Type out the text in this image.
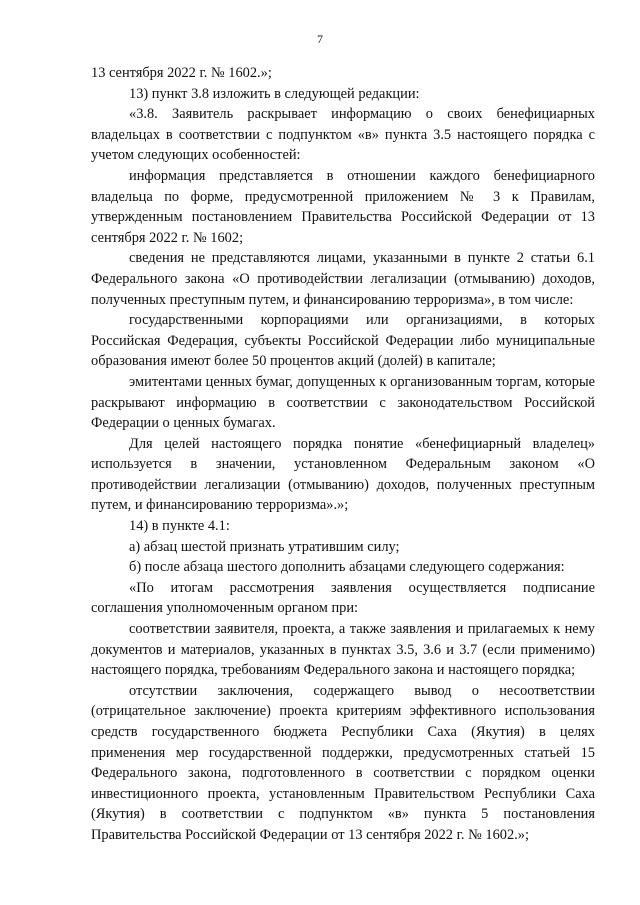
7

13 сентября 2022 г. № 1602.»;

13) пункт 3.8 изложить в следующей редакции:

«3.8. Заявитель раскрывает информацию о своих бенефициарных владельцах в соответствии с подпунктом «в» пункта 3.5 настоящего порядка с учетом следующих особенностей:

информация представляется в отношении каждого бенефициарного владельца по форме, предусмотренной приложением № 3 к Правилам, утвержденным постановлением Правительства Российской Федерации от 13 сентября 2022 г. № 1602;

сведения не представляются лицами, указанными в пункте 2 статьи 6.1 Федерального закона «О противодействии легализации (отмыванию) доходов, полученных преступным путем, и финансированию терроризма», в том числе:

государственными корпорациями или организациями, в которых Российская Федерация, субъекты Российской Федерации либо муниципальные образования имеют более 50 процентов акций (долей) в капитале;

эмитентами ценных бумаг, допущенных к организованным торгам, которые раскрывают информацию в соответствии с законодательством Российской Федерации о ценных бумагах.

Для целей настоящего порядка понятие «бенефициарный владелец» используется в значении, установленном Федеральным законом «О противодействии легализации (отмыванию) доходов, полученных преступным путем, и финансированию терроризма».»;

14) в пункте 4.1:

а) абзац шестой признать утратившим силу;

б) после абзаца шестого дополнить абзацами следующего содержания:

«По итогам рассмотрения заявления осуществляется подписание соглашения уполномоченным органом при:

соответствии заявителя, проекта, а также заявления и прилагаемых к нему документов и материалов, указанных в пунктах 3.5, 3.6 и 3.7 (если применимо) настоящего порядка, требованиям Федерального закона и настоящего порядка;

отсутствии заключения, содержащего вывод о несоответствии (отрицательное заключение) проекта критериям эффективного использования средств государственного бюджета Республики Саха (Якутия) в целях применения мер государственной поддержки, предусмотренных статьей 15 Федерального закона, подготовленного в соответствии с порядком оценки инвестиционного проекта, установленным Правительством Республики Саха (Якутия) в соответствии с подпунктом «в» пункта 5 постановления Правительства Российской Федерации от 13 сентября 2022 г. № 1602.»;
